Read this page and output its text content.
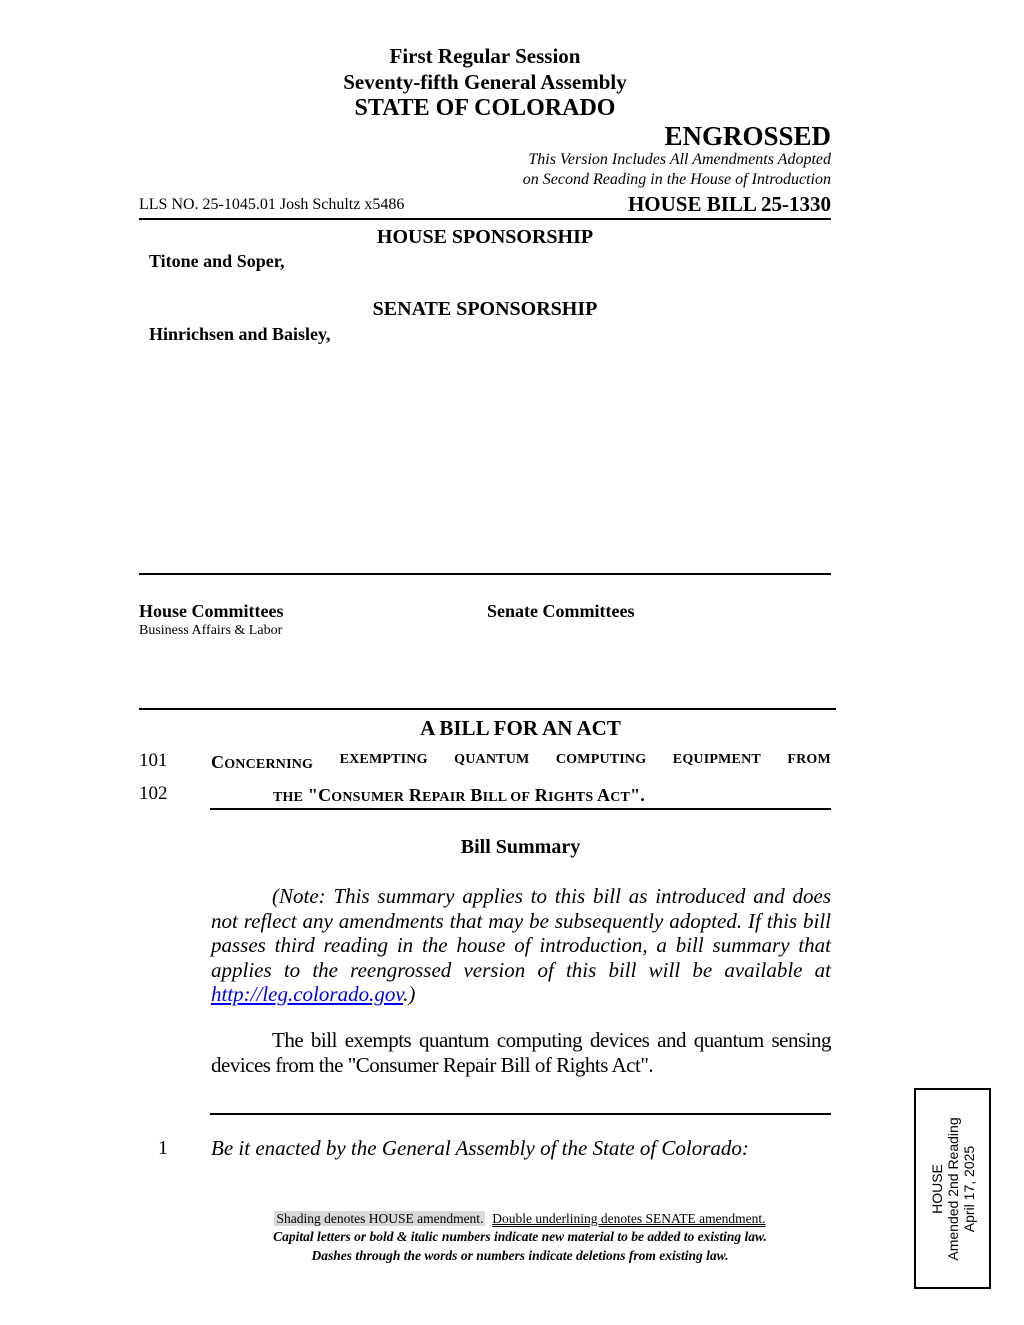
First Regular Session
Seventy-fifth General Assembly
STATE OF COLORADO
ENGROSSED
This Version Includes All Amendments Adopted
on Second Reading in the House of Introduction
LLS NO. 25-1045.01 Josh Schultz x5486	HOUSE BILL 25-1330
HOUSE SPONSORSHIP
Titone and Soper,
SENATE SPONSORSHIP
Hinrichsen and Baisley,
House Committees
Business Affairs & Labor
Senate Committees
A BILL FOR AN ACT
101 CONCERNING EXEMPTING QUANTUM COMPUTING EQUIPMENT FROM
102	THE "CONSUMER REPAIR BILL OF RIGHTS ACT".
Bill Summary
(Note: This summary applies to this bill as introduced and does not reflect any amendments that may be subsequently adopted. If this bill passes third reading in the house of introduction, a bill summary that applies to the reengrossed version of this bill will be available at http://leg.colorado.gov.)
The bill exempts quantum computing devices and quantum sensing devices from the "Consumer Repair Bill of Rights Act".
1 Be it enacted by the General Assembly of the State of Colorado:
Shading denotes HOUSE amendment. Double underlining denotes SENATE amendment.
Capital letters or bold & italic numbers indicate new material to be added to existing law.
Dashes through the words or numbers indicate deletions from existing law.
HOUSE Amended 2nd Reading April 17, 2025
